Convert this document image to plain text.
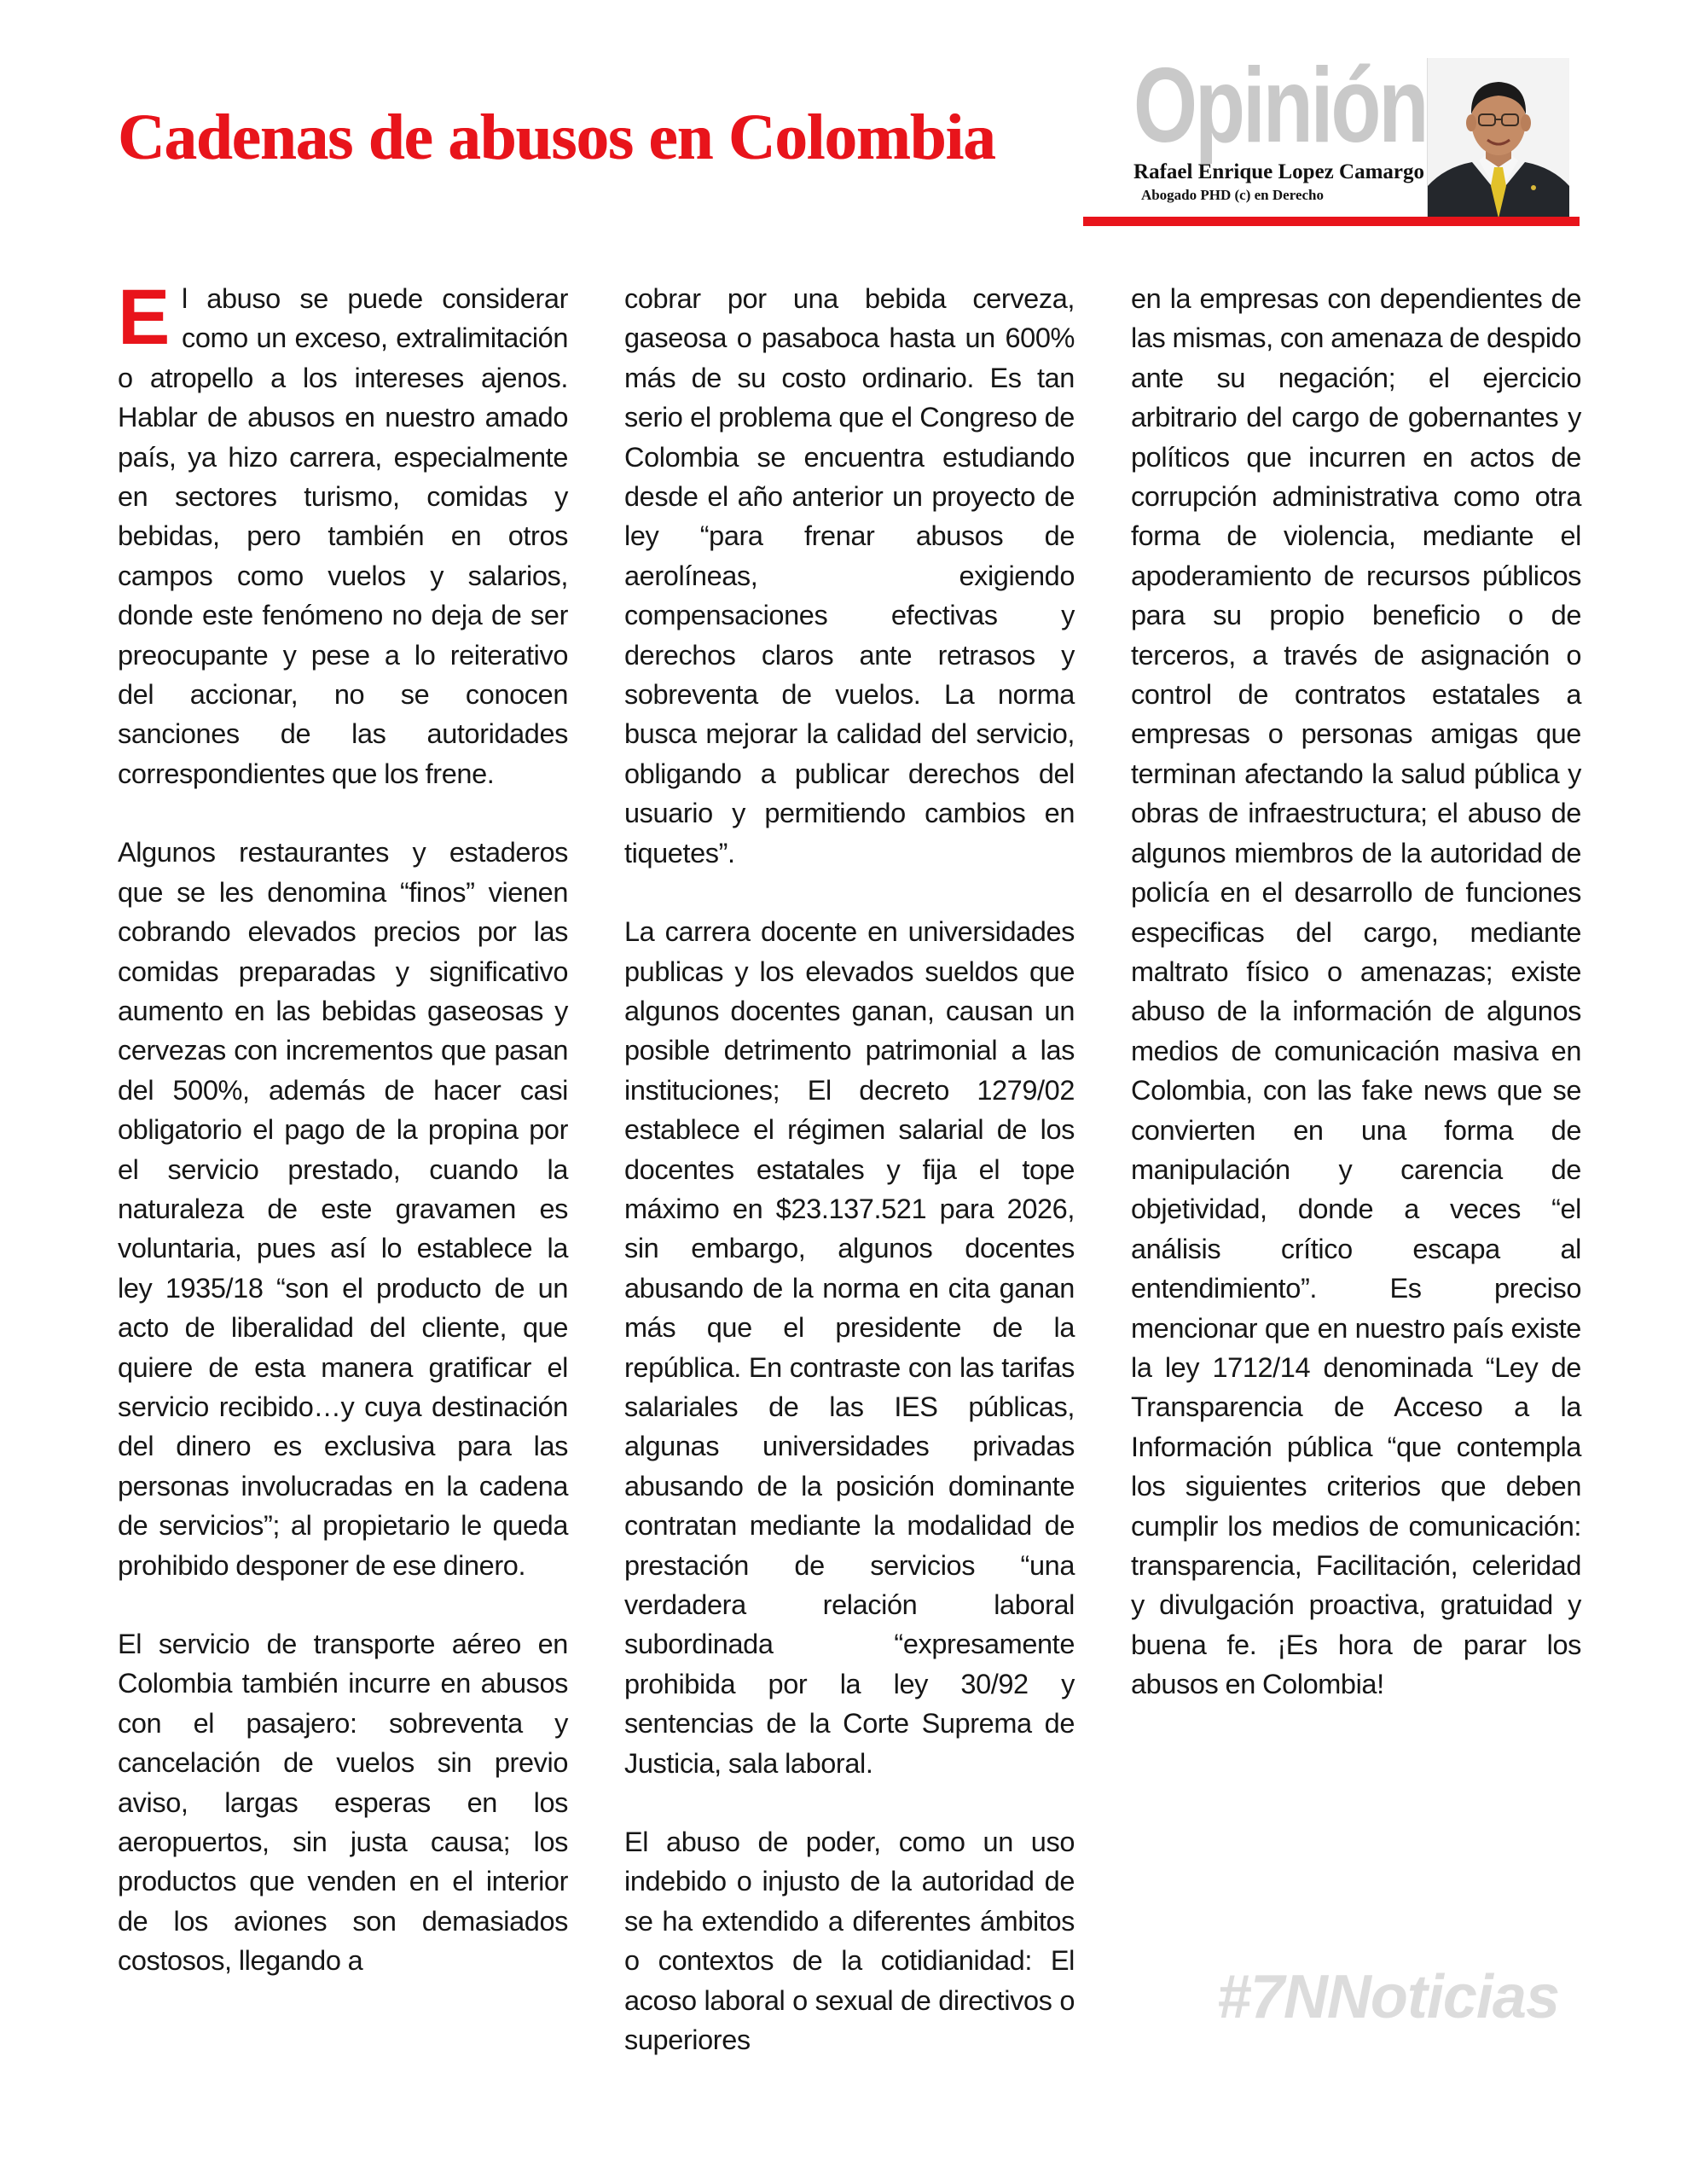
Cadenas de abusos en Colombia Opinión
Rafael Enrique Lopez Camargo
Abogado PHD (c) en Derecho

El abuso se puede considerar como un exceso, extralimitación o atropello a los intereses ajenos. Hablar de abusos en nuestro amado país, ya hizo carrera, especialmente en sectores turismo, comidas y bebidas, pero también en otros campos como vuelos y salarios, donde este fenómeno no deja de ser preocupante y pese a lo reiterativo del accionar, no se conocen sanciones de las autoridades correspondientes que los frene.

Algunos restaurantes y estaderos que se les denomina “finos” vienen cobrando elevados precios por las comidas preparadas y significativo aumento en las bebidas gaseosas y cervezas con incrementos que pasan del 500%, además de hacer casi obligatorio el pago de la propina por el servicio prestado, cuando la naturaleza de este gravamen es voluntaria, pues así lo establece la ley 1935/18 “son el producto de un acto de liberalidad del cliente, que quiere de esta manera gratificar el servicio recibido…y cuya destinación del dinero es exclusiva para las personas involucradas en la cadena de servicios”; al propietario le queda prohibido desponer de ese dinero.

El servicio de transporte aéreo en Colombia también incurre en abusos con el pasajero: sobreventa y cancelación de vuelos sin previo aviso, largas esperas en los aeropuertos, sin justa causa; los productos que venden en el interior de los aviones son demasiados costosos, llegando a

cobrar por una bebida cerveza, gaseosa o pasaboca hasta un 600% más de su costo ordinario. Es tan serio el problema que el Congreso de Colombia se encuentra estudiando desde el año anterior un proyecto de ley “para frenar abusos de aerolíneas, exigiendo compensaciones efectivas y derechos claros ante retrasos y sobreventa de vuelos. La norma busca mejorar la calidad del servicio, obligando a publicar derechos del usuario y permitiendo cambios en tiquetes”.

La carrera docente en universidades publicas y los elevados sueldos que algunos docentes ganan, causan un posible detrimento patrimonial a las instituciones; El decreto 1279/02 establece el régimen salarial de los docentes estatales y fija el tope máximo en $23.137.521 para 2026, sin embargo, algunos docentes abusando de la norma en cita ganan más que el presidente de la república. En contraste con las tarifas salariales de las IES públicas, algunas universidades privadas abusando de la posición dominante contratan mediante la modalidad de prestación de servicios “una verdadera relación laboral subordinada “expresamente prohibida por la ley 30/92 y sentencias de la Corte Suprema de Justicia, sala laboral.

El abuso de poder, como un uso indebido o injusto de la autoridad de se ha extendido a diferentes ámbitos o contextos de la cotidianidad: El acoso laboral o sexual de directivos o superiores

en la empresas con dependientes de las mismas, con amenaza de despido ante su negación; el ejercicio arbitrario del cargo de gobernantes y políticos que incurren en actos de corrupción administrativa como otra forma de violencia, mediante el apoderamiento de recursos públicos para su propio beneficio o de terceros, a través de asignación o control de contratos estatales a empresas o personas amigas que terminan afectando la salud pública y obras de infraestructura; el abuso de algunos miembros de la autoridad de policía en el desarrollo de funciones especificas del cargo, mediante maltrato físico o amenazas; existe abuso de la información de algunos medios de comunicación masiva en Colombia, con las fake news que se convierten en una forma de manipulación y carencia de objetividad, donde a veces “el análisis crítico escapa al entendimiento”. Es preciso mencionar que en nuestro país existe la ley 1712/14 denominada “Ley de Transparencia de Acceso a la Información pública “que contempla los siguientes criterios que deben cumplir los medios de comunicación: transparencia, Facilitación, celeridad y divulgación proactiva, gratuidad y buena fe. ¡Es hora de parar los abusos en Colombia!

#7NNoticias
